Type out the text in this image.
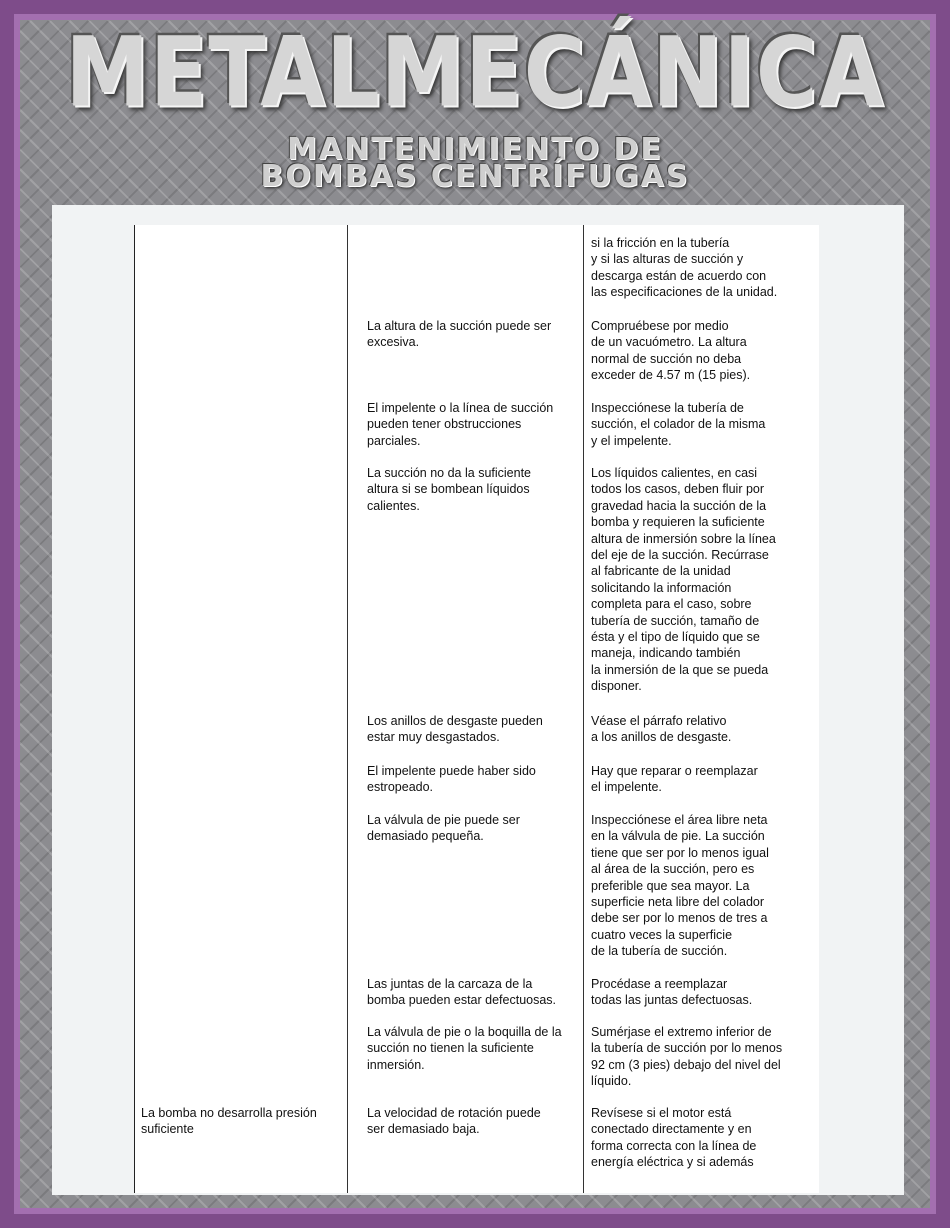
METALMECÁNICA
MANTENIMIENTO DE
BOMBAS CENTRÍFUGAS
si la fricción en la tubería
y si las alturas de succión y
descarga están de acuerdo con
las especificaciones de la unidad.
La altura de la succión puede ser
excesiva.
Compruébese por medio
de un vacuómetro. La altura
normal de succión no deba
exceder de 4.57 m (15 pies).
El impelente o la línea de succión
pueden tener obstrucciones
parciales.
Inspecciónese la tubería de
succión, el colador de la misma
y el impelente.
La succión no da la suficiente
altura si se bombean líquidos
calientes.
Los líquidos calientes, en casi
todos los casos, deben fluir por
gravedad hacia la succión de la
bomba y requieren la suficiente
altura de inmersión sobre la línea
del eje de la succión. Recúrrase
al fabricante de la unidad
solicitando la información
completa para el caso, sobre
tubería de succión, tamaño de
ésta y el tipo de líquido que se
maneja, indicando también
la inmersión de la que se pueda
disponer.
Los anillos de desgaste pueden
estar muy desgastados.
Véase el párrafo relativo
a los anillos de desgaste.
El impelente puede haber sido
estropeado.
Hay que reparar o reemplazar
el impelente.
La válvula de pie puede ser
demasiado pequeña.
Inspecciónese el área libre neta
en la válvula de pie. La succión
tiene que ser por lo menos igual
al área de la succión, pero es
preferible que sea mayor. La
superficie neta libre del colador
debe ser por lo menos de tres a
cuatro veces la superficie
de la tubería de succión.
Las juntas de la carcaza de la
bomba pueden estar defectuosas.
Procédase a reemplazar
todas las juntas defectuosas.
La válvula de pie o la boquilla de la
succión no tienen la suficiente
inmersión.
Sumérjase el extremo inferior de
la tubería de succión por lo menos
92 cm (3 pies) debajo del nivel del
líquido.
La bomba no desarrolla presión
suficiente
La velocidad de rotación puede
ser demasiado baja.
Revísese si el motor está
conectado directamente y en
forma correcta con la línea de
energía eléctrica y si además
